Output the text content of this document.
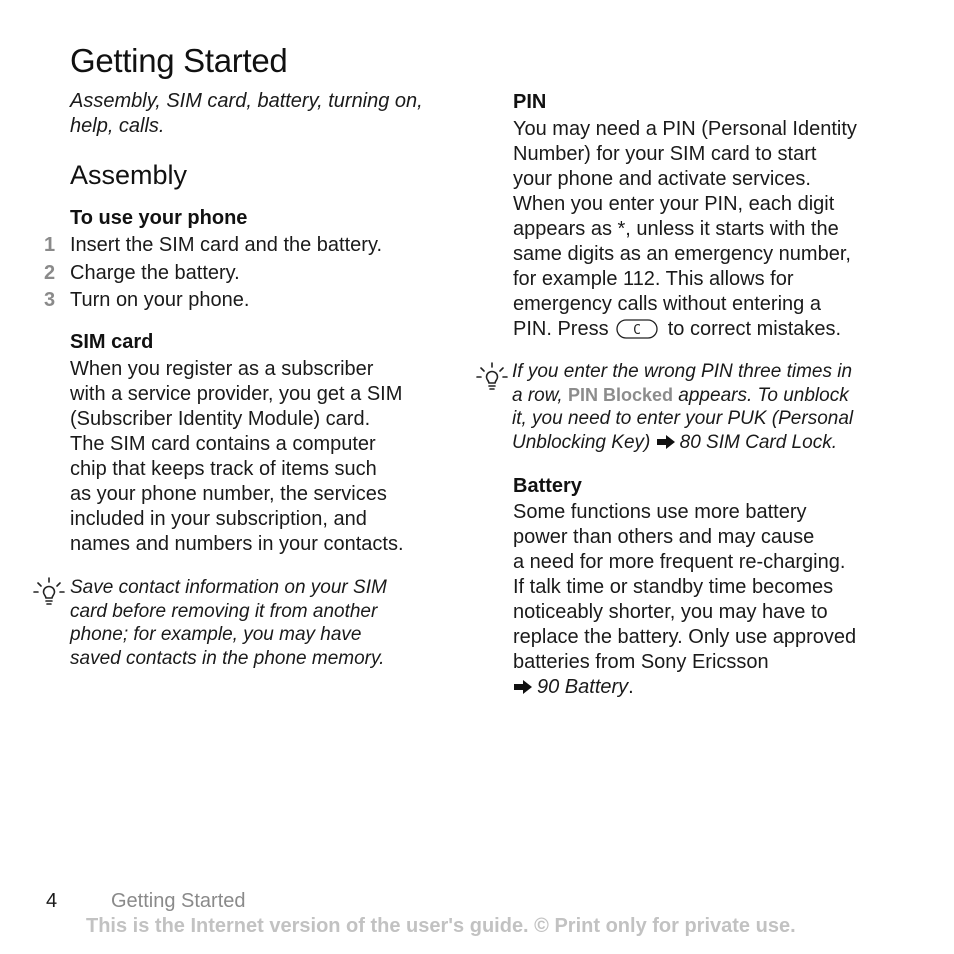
Getting Started
Assembly, SIM card, battery, turning on, help, calls.
Assembly
To use your phone
1 Insert the SIM card and the battery.
2 Charge the battery.
3 Turn on your phone.
SIM card
When you register as a subscriber
with a service provider, you get a SIM
(Subscriber Identity Module) card.
The SIM card contains a computer
chip that keeps track of items such
as your phone number, the services
included in your subscription, and
names and numbers in your contacts.
Save contact information on your SIM
card before removing it from another
phone; for example, you may have
saved contacts in the phone memory.
PIN
You may need a PIN (Personal Identity
Number) for your SIM card to start
your phone and activate services.
When you enter your PIN, each digit
appears as *, unless it starts with the
same digits as an emergency number,
for example 112. This allows for
emergency calls without entering a
PIN. Press C to correct mistakes.
If you enter the wrong PIN three times in
a row, PIN Blocked appears. To unblock
it, you need to enter your PUK (Personal
Unblocking Key) 80 SIM Card Lock.
Battery
Some functions use more battery
power than others and may cause
a need for more frequent re-charging.
If talk time or standby time becomes
noticeably shorter, you may have to
replace the battery. Only use approved
batteries from Sony Ericsson
90 Battery.
4	Getting Started
This is the Internet version of the user's guide. © Print only for private use.
